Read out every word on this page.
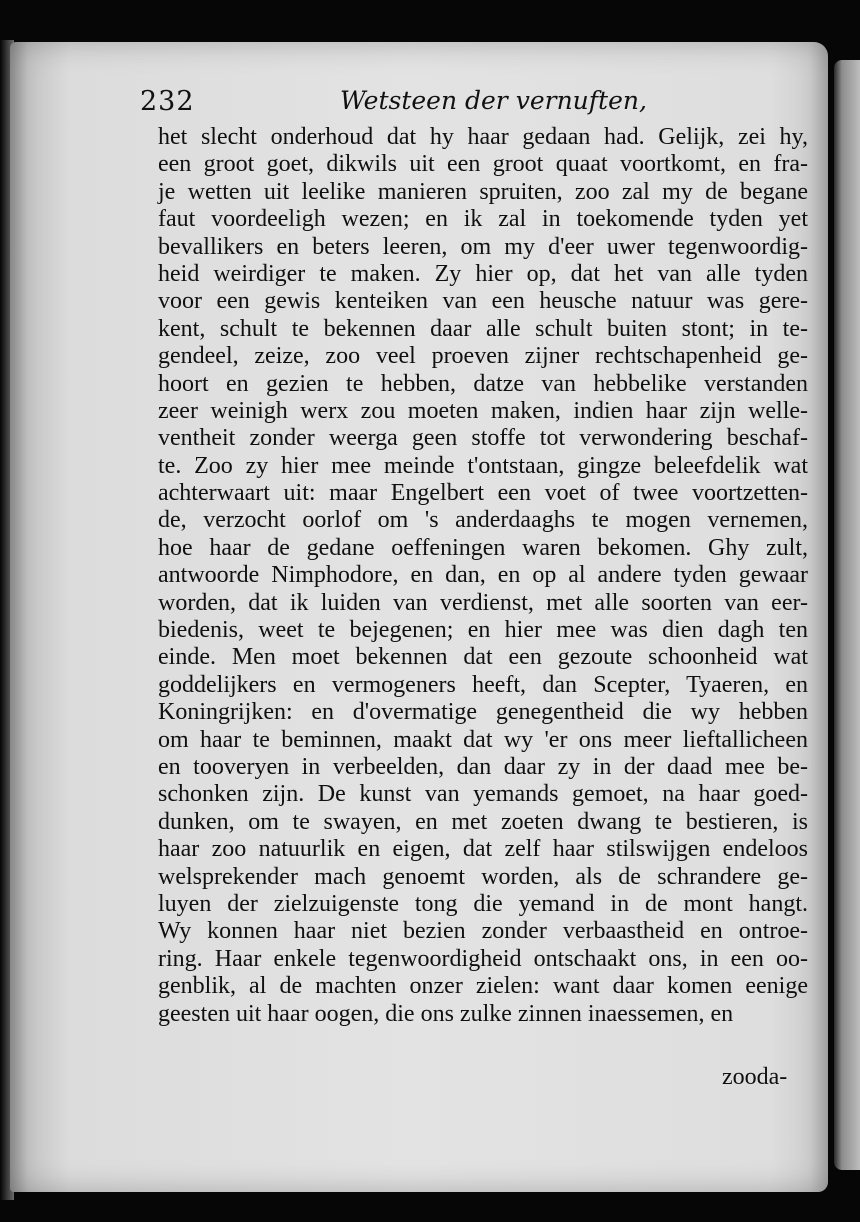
232	Wetsteen der vernuften,
het slecht onderhoud dat hy haar gedaan had. Gelijk, zei hy,
een groot goet, dikwils uit een groot quaat voortkomt, en fra-
je wetten uit leelike manieren spruiten, zoo zal my de begane
faut voordeeligh wezen; en ik zal in toekomende tyden yet
bevallikers en beters leeren, om my d'eer uwer tegenwoordig-
heid weirdiger te maken. Zy hier op, dat het van alle tyden
voor een gewis kenteiken van een heusche natuur was gere-
kent, schult te bekennen daar alle schult buiten stont; in te-
gendeel, zeize, zoo veel proeven zijner rechtschapenheid ge-
hoort en gezien te hebben, datze van hebbelike verstanden
zeer weinigh werx zou moeten maken, indien haar zijn welle-
ventheit zonder weerga geen stoffe tot verwondering beschaf-
te. Zoo zy hier mee meinde t'ontstaan, gingze beleefdelik wat
achterwaart uit: maar Engelbert een voet of twee voortzetten-
de, verzocht oorlof om 's anderdaaghs te mogen vernemen,
hoe haar de gedane oeffeningen waren bekomen. Ghy zult,
antwoorde Nimphodore, en dan, en op al andere tyden gewaar
worden, dat ik luiden van verdienst, met alle soorten van eer-
biedenis, weet te bejegenen; en hier mee was dien dagh ten
einde. Men moet bekennen dat een gezoute schoonheid wat
goddelijkers en vermogeners heeft, dan Scepter, Tyaeren, en
Koningrijken: en d'overmatige genegentheid die wy hebben
om haar te beminnen, maakt dat wy 'er ons meer lieftallicheen
en tooveryen in verbeelden, dan daar zy in der daad mee be-
schonken zijn. De kunst van yemands gemoet, na haar goed-
dunken, om te swayen, en met zoeten dwang te bestieren, is
haar zoo natuurlik en eigen, dat zelf haar stilswijgen endeloos
welsprekender mach genoemt worden, als de schrandere ge-
luyen der zielzuigenste tong die yemand in de mont hangt.
Wy konnen haar niet bezien zonder verbaastheid en ontroe-
ring. Haar enkele tegenwoordigheid ontschaakt ons, in een oo-
genblik, al de machten onzer zielen: want daar komen eenige
geesten uit haar oogen, die ons zulke zinnen inaessemen, en
zooda-
